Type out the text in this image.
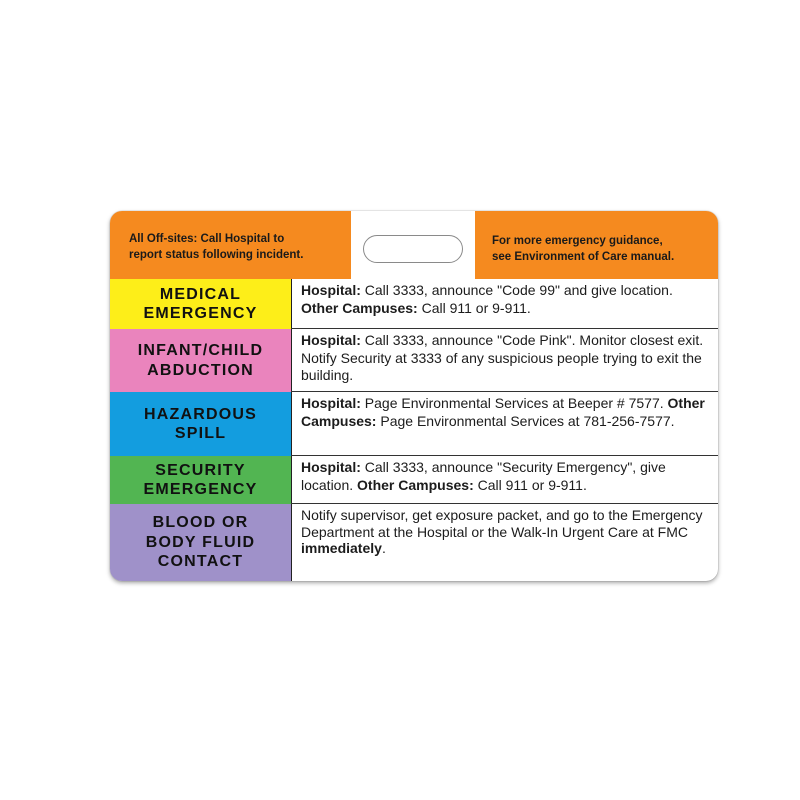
All Off-sites: Call Hospital to
report status following incident.
For more emergency guidance,
see Environment of Care manual.
MEDICAL
EMERGENCY
Hospital: Call 3333, announce "Code 99" and give location. Other Campuses: Call 911 or 9-911.
INFANT/CHILD
ABDUCTION
Hospital: Call 3333, announce "Code Pink". Monitor closest exit. Notify Security at 3333 of any suspicious people trying to exit the building.
HAZARDOUS
SPILL
Hospital: Page Environmental Services at Beeper # 7577. Other Campuses: Page Environmental Services at 781-256-7577.
SECURITY
EMERGENCY
Hospital: Call 3333, announce "Security Emergency", give location. Other Campuses: Call 911 or 9-911.
BLOOD OR
BODY FLUID
CONTACT
Notify supervisor, get exposure packet, and go to the Emergency Department at the Hospital or the Walk-In Urgent Care at FMC immediately.
